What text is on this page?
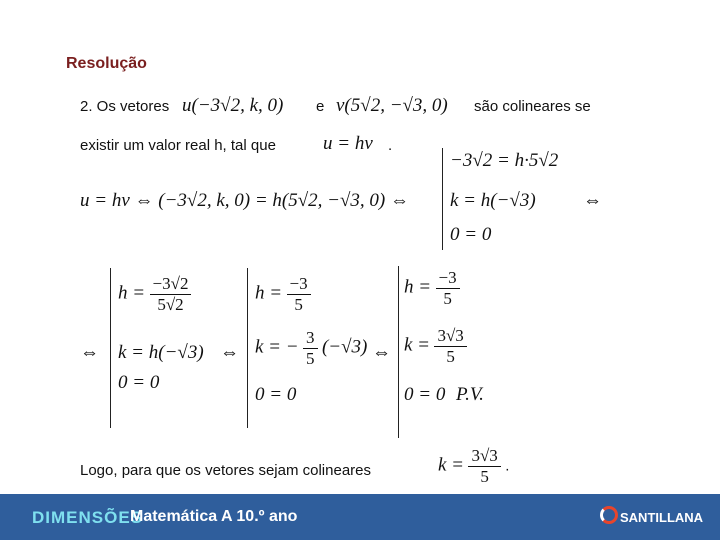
Resolução
2. Os vetores u(−3√2, k, 0) e v(5√2, −√3, 0) são colineares se
existir um valor real h, tal que u = hv .
u = hv ⇔ (−3√2, k, 0) = h(5√2, −√3, 0) ⇔
−3√2 = h·5√2
k = h(−√3)
0 = 0
⇔
⇔
$h = \frac{-3√2}{5√2}$
k = h(−√3)
0 = 0
⇔
$h = \frac{-3}{5}$
k = − $\frac{3}{5} (-√3)$
0 = 0
⇔
$h = \frac{-3}{5}$
$k = \frac{3√3}{5}$
0 = 0 P.V.
Logo, para que os vetores sejam colineares	$k = \frac{3√3}{5}$ .
DIMENSÕES
Matemática A 10.º ano	SANTILLANA
